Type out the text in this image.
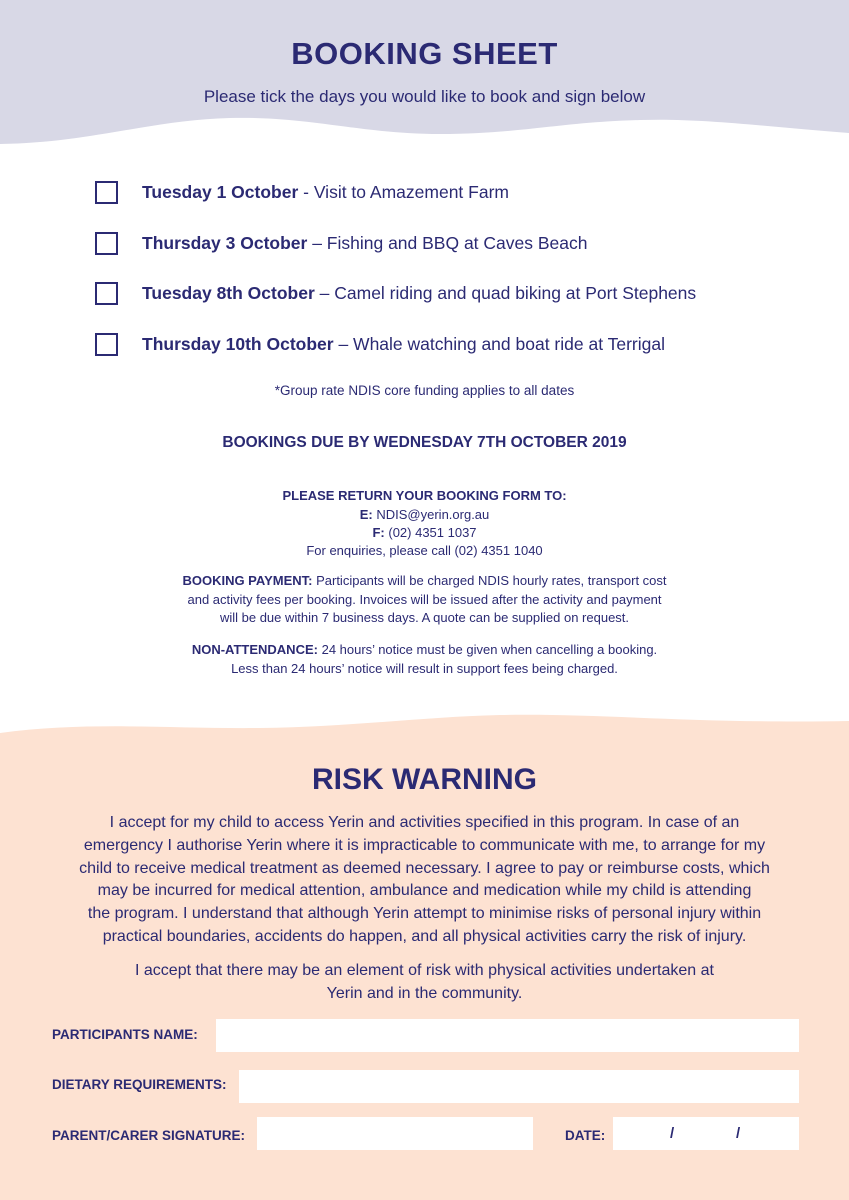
BOOKING SHEET
Please tick the days you would like to book and sign below
Tuesday 1 October - Visit to Amazement Farm
Thursday 3 October – Fishing and BBQ at Caves Beach
Tuesday 8th October – Camel riding and quad biking at Port Stephens
Thursday 10th October – Whale watching and boat ride at Terrigal
*Group rate NDIS core funding applies to all dates
BOOKINGS DUE BY WEDNESDAY 7TH OCTOBER 2019
PLEASE RETURN YOUR BOOKING FORM TO:
E: NDIS@yerin.org.au
F: (02) 4351 1037
For enquiries, please call (02) 4351 1040
BOOKING PAYMENT: Participants will be charged NDIS hourly rates, transport cost
and activity fees per booking. Invoices will be issued after the activity and payment
will be due within 7 business days. A quote can be supplied on request.
NON-ATTENDANCE: 24 hours’ notice must be given when cancelling a booking.
Less than 24 hours’ notice will result in support fees being charged.
RISK WARNING
I accept for my child to access Yerin and activities specified in this program. In case of an
emergency I authorise Yerin where it is impracticable to communicate with me, to arrange for my
child to receive medical treatment as deemed necessary. I agree to pay or reimburse costs, which
may be incurred for medical attention, ambulance and medication while my child is attending
the program. I understand that although Yerin attempt to minimise risks of personal injury within
practical boundaries, accidents do happen, and all physical activities carry the risk of injury.
I accept that there may be an element of risk with physical activities undertaken at
Yerin and in the community.
PARTICIPANTS NAME:
DIETARY REQUIREMENTS:
PARENT/CARER SIGNATURE:	DATE:	/	/
